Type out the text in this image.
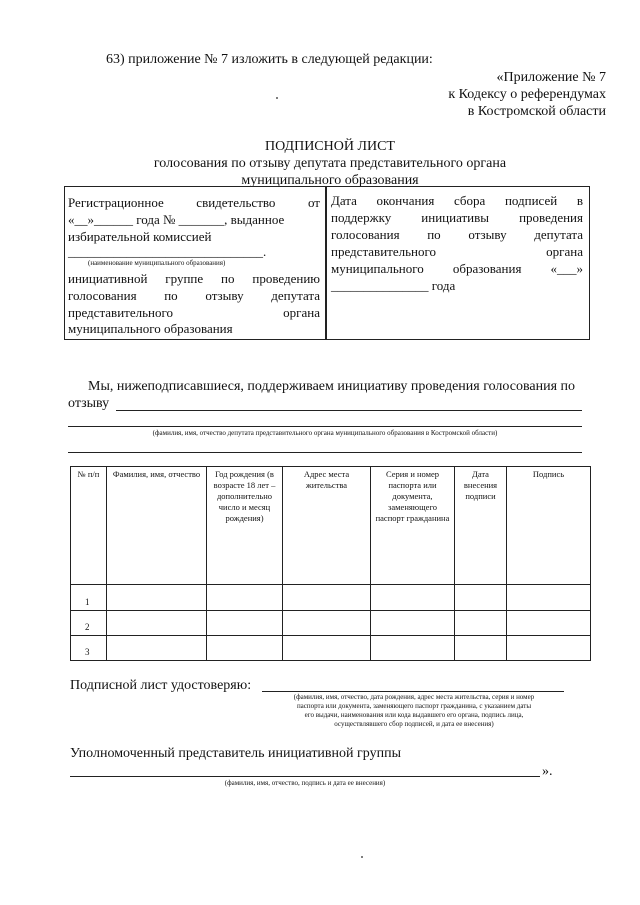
63) приложение № 7 изложить в следующей редакции:
«Приложение № 7
к Кодексу о референдумах
в Костромской области
ПОДПИСНОЙ ЛИСТ
голосования по отзыву депутата представительного органа
муниципального образования
Регистрационное свидетельство от
«__»______ года № _______, выданное
избирательной комиссией
______________________________.
(наименование муниципального образования)
инициативной группе по проведению
голосования по отзыву депутата
представительного органа
муниципального образования
Дата окончания сбора подписей в
поддержку инициативы проведения
голосования по отзыву депутата
представительного органа
муниципального образования «___»
_______________ года
Мы, нижеподписавшиеся, поддерживаем инициативу проведения голосования по
отзыву
(фамилия, имя, отчество депутата представительного органа муниципального образования в Костромской области)
№ п/п	Фамилия, имя, отчество	Год рождения (в возрасте 18 лет – дополнительно число и месяц рождения)	Адрес места жительства	Серия и номер паспорта или документа, заменяющего паспорт гражданина	Дата внесения подписи	Подпись
1						
2						
3						
Подписной лист удостоверяю:
(фамилия, имя, отчество, дата рождения, адрес места жительства, серия и номер
паспорта или документа, заменяющего паспорт гражданина, с указанием даты
его выдачи, наименования или кода выдавшего его органа, подпись лица,
осуществлявшего сбор подписей, и дата ее внесения)
Уполномоченный представитель инициативной группы
».
(фамилия, имя, отчество, подпись и дата ее внесения)
